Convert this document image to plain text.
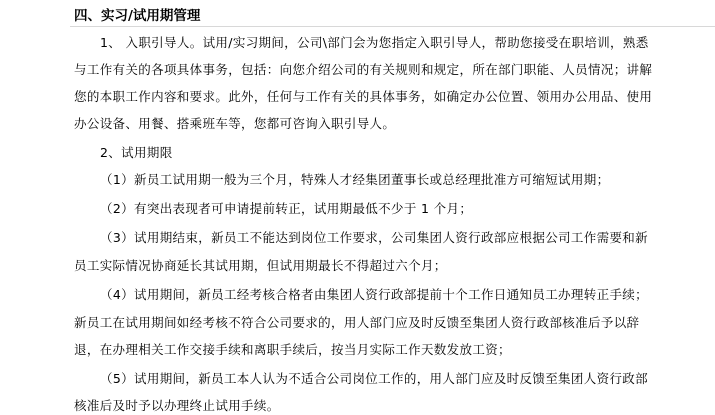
四、实习/试用期管理
1、 入职引导人。试用/实习期间，公司\部门会为您指定入职引导人，帮助您接受在职培训，熟悉
与工作有关的各项具体事务，包括：向您介绍公司的有关规则和规定，所在部门职能、人员情况；讲解
您的本职工作内容和要求。此外，任何与工作有关的具体事务，如确定办公位置、领用办公用品、使用
办公设备、用餐、搭乘班车等，您都可咨询入职引导人。
2、试用期限
（1）新员工试用期一般为三个月，特殊人才经集团董事长或总经理批准方可缩短试用期；
（2）有突出表现者可申请提前转正，试用期最低不少于 1 个月；
（3）试用期结束，新员工不能达到岗位工作要求，公司集团人资行政部应根据公司工作需要和新
员工实际情况协商延长其试用期，但试用期最长不得超过六个月；
（4）试用期间，新员工经考核合格者由集团人资行政部提前十个工作日通知员工办理转正手续；
新员工在试用期间如经考核不符合公司要求的，用人部门应及时反馈至集团人资行政部核准后予以辞
退，在办理相关工作交接手续和离职手续后，按当月实际工作天数发放工资；
（5）试用期间，新员工本人认为不适合公司岗位工作的，用人部门应及时反馈至集团人资行政部
核准后及时予以办理终止试用手续。
